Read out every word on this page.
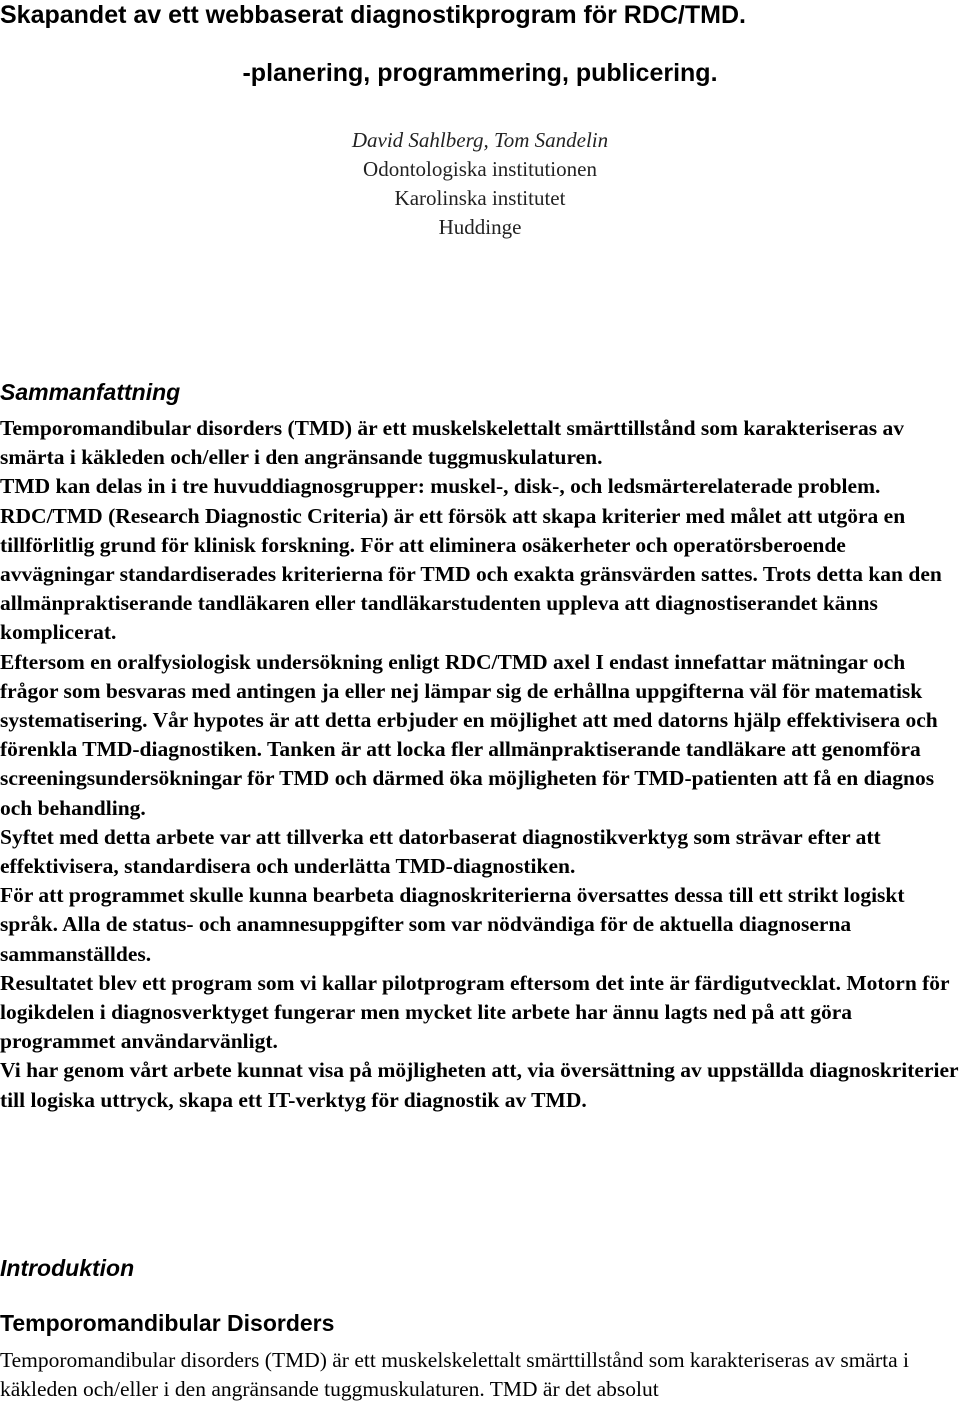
Skapandet av ett webbaserat diagnostikprogram för RDC/TMD.
-planering, programmering, publicering.
David Sahlberg, Tom Sandelin
Odontologiska institutionen
Karolinska institutet
Huddinge
Sammanfattning

Temporomandibular disorders (TMD) är ett muskelskelettalt smärttillstånd som karakteriseras av smärta i käkleden och/eller i den angränsande tuggmuskulaturen.

TMD kan delas in i tre huvuddiagnosgrupper: muskel-, disk-, och ledsmärterelaterade problem.

RDC/TMD (Research Diagnostic Criteria) är ett försök att skapa kriterier med målet att utgöra en tillförlitlig grund för klinisk forskning. För att eliminera osäkerheter och operatörsberoende avvägningar standardiserades kriterierna för TMD och exakta gränsvärden sattes. Trots detta kan den allmänpraktiserande tandläkaren eller tandläkarstudenten uppleva att diagnostiserandet känns komplicerat.

Eftersom en oralfysiologisk undersökning enligt RDC/TMD axel I endast innefattar mätningar och frågor som besvaras med antingen ja eller nej lämpar sig de erhållna uppgifterna väl för matematisk systematisering. Vår hypotes är att detta erbjuder en möjlighet att med datorns hjälp effektivisera och förenkla TMD-diagnostiken. Tanken är att locka fler allmänpraktiserande tandläkare att genomföra screeningsundersökningar för TMD och därmed öka möjligheten för TMD-patienten att få en diagnos och behandling.

Syftet med detta arbete var att tillverka ett datorbaserat diagnostikverktyg som strävar efter att effektivisera, standardisera och underlätta TMD-diagnostiken.

För att programmet skulle kunna bearbeta diagnoskriterierna översattes dessa till ett strikt logiskt språk. Alla de status- och anamnesuppgifter som var nödvändiga för de aktuella diagnoserna sammanställdes.

Resultatet blev ett program som vi kallar pilotprogram eftersom det inte är färdigutvecklat. Motorn för logikdelen i diagnosverktyget fungerar men mycket lite arbete har ännu lagts ned på att göra programmet användarvänligt.

Vi har genom vårt arbete kunnat visa på möjligheten att, via översättning av uppställda diagnoskriterier till logiska uttryck, skapa ett IT-verktyg för diagnostik av TMD.

Introduktion
Temporomandibular Disorders

Temporomandibular disorders (TMD) är ett muskelskelettalt smärttillstånd som karakteriseras av smärta i käkleden och/eller i den angränsande tuggmuskulaturen. TMD är det absolut
